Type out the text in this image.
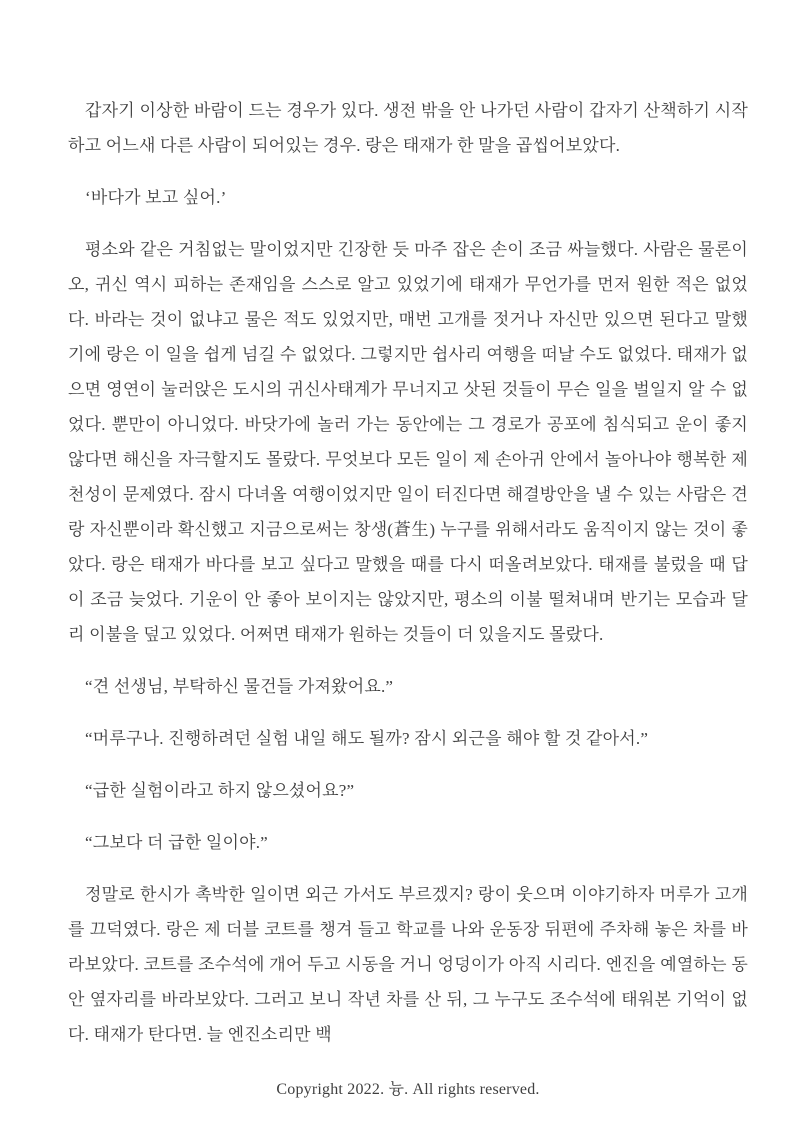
갑자기 이상한 바람이 드는 경우가 있다. 생전 밖을 안 나가던 사람이 갑자기 산책하기 시작하고 어느새 다른 사람이 되어있는 경우. 랑은 태재가 한 말을 곱씹어보았다.

‘바다가 보고 싶어.’

평소와 같은 거침없는 말이었지만 긴장한 듯 마주 잡은 손이 조금 싸늘했다. 사람은 물론이오, 귀신 역시 피하는 존재임을 스스로 알고 있었기에 태재가 무언가를 먼저 원한 적은 없었다. 바라는 것이 없냐고 물은 적도 있었지만, 매번 고개를 젓거나 자신만 있으면 된다고 말했기에 랑은 이 일을 쉽게 넘길 수 없었다. 그렇지만 쉽사리 여행을 떠날 수도 없었다. 태재가 없으면 영연이 눌러앉은 도시의 귀신사태계가 무너지고 삿된 것들이 무슨 일을 벌일지 알 수 없었다. 뿐만이 아니었다. 바닷가에 놀러 가는 동안에는 그 경로가 공포에 침식되고 운이 좋지 않다면 해신을 자극할지도 몰랐다. 무엇보다 모든 일이 제 손아귀 안에서 놀아나야 행복한 제 천성이 문제였다. 잠시 다녀올 여행이었지만 일이 터진다면 해결방안을 낼 수 있는 사람은 견랑 자신뿐이라 확신했고 지금으로써는 창생(蒼生) 누구를 위해서라도 움직이지 않는 것이 좋았다. 랑은 태재가 바다를 보고 싶다고 말했을 때를 다시 떠올려보았다. 태재를 불렀을 때 답이 조금 늦었다. 기운이 안 좋아 보이지는 않았지만, 평소의 이불 떨쳐내며 반기는 모습과 달리 이불을 덮고 있었다. 어쩌면 태재가 원하는 것들이 더 있을지도 몰랐다.

“견 선생님, 부탁하신 물건들 가져왔어요.”

“머루구나. 진행하려던 실험 내일 해도 될까? 잠시 외근을 해야 할 것 같아서.”

“급한 실험이라고 하지 않으셨어요?”

“그보다 더 급한 일이야.”

정말로 한시가 촉박한 일이면 외근 가서도 부르겠지? 랑이 웃으며 이야기하자 머루가 고개를 끄덕였다. 랑은 제 더블 코트를 챙겨 들고 학교를 나와 운동장 뒤편에 주차해 놓은 차를 바라보았다. 코트를 조수석에 개어 두고 시동을 거니 엉덩이가 아직 시리다. 엔진을 예열하는 동안 옆자리를 바라보았다. 그러고 보니 작년 차를 산 뒤, 그 누구도 조수석에 태워본 기억이 없다. 태재가 탄다면. 늘 엔진소리만 백

Copyright 2022. 늉. All rights reserved.
